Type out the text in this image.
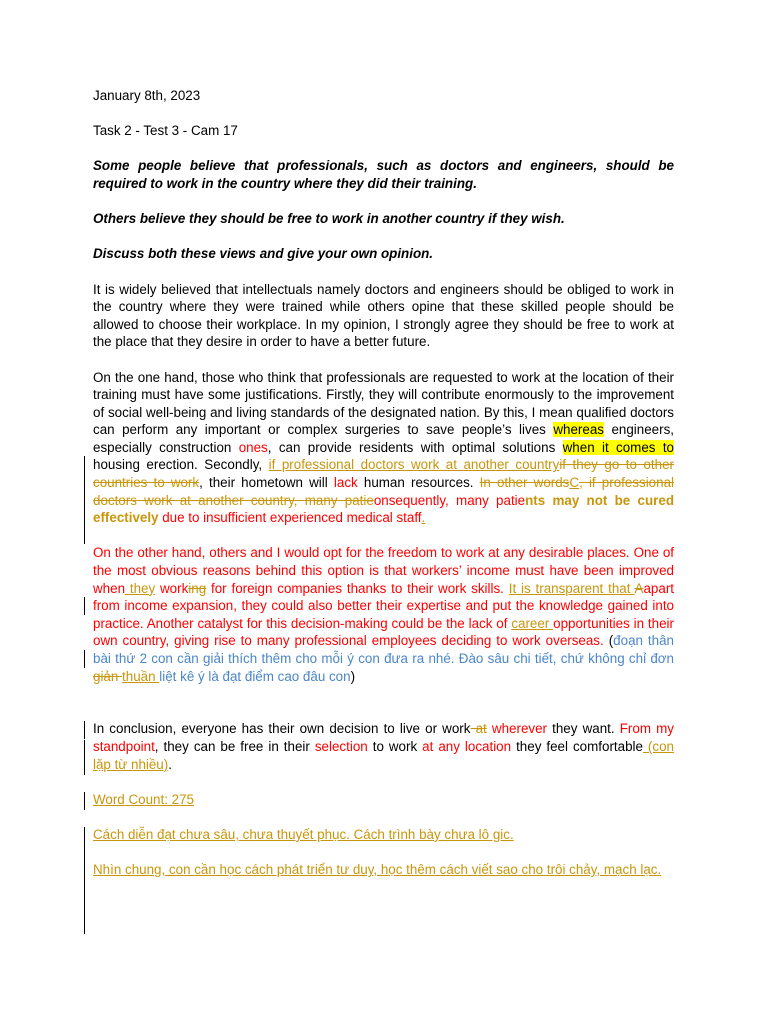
January 8th, 2023

Task 2 - Test 3 - Cam 17

Some people believe that professionals, such as doctors and engineers, should be required to work in the country where they did their training.

Others believe they should be free to work in another country if they wish.

Discuss both these views and give your own opinion.

It is widely believed that intellectuals namely doctors and engineers should be obliged to work in the country where they were trained while others opine that these skilled people should be allowed to choose their workplace. In my opinion, I strongly agree they should be free to work at the place that they desire in order to have a better future.

On the one hand, those who think that professionals are requested to work at the location of their training must have some justifications. Firstly, they will contribute enormously to the improvement of social well-being and living standards of the designated nation. By this, I mean qualified doctors can perform any important or complex surgeries to save people’s lives whereas engineers, especially construction ones, can provide residents with optimal solutions when it comes to housing erection. Secondly, if professional doctors work at another countryif they go to other countries to work, their hometown will lack human resources. In other wordsC, if professional doctors work at another country, many patieonsequently, many patients may not be cured effectively due to insufficient experienced medical staff.

On the other hand, others and I would opt for the freedom to work at any desirable places. One of the most obvious reasons behind this option is that workers’ income must have been improved when they working for foreign companies thanks to their work skills. It is transparent that Aapart from income expansion, they could also better their expertise and put the knowledge gained into practice. Another catalyst for this decision-making could be the lack of career opportunities in their own country, giving rise to many professional employees deciding to work overseas. (đoạn thân bài thứ 2 con cần giải thích thêm cho mỗi ý con đưa ra nhé. Đào sâu chi tiết, chứ không chỉ đơn giản thuần liệt kê ý là đạt điểm cao đâu con)

In conclusion, everyone has their own decision to live or work at wherever they want. From my standpoint, they can be free in their selection to work at any location they feel comfortable (con lặp từ nhiều).

Word Count: 275

Cách diễn đạt chưa sâu, chưa thuyết phục. Cách trình bày chưa lô gic.

Nhìn chung, con cần học cách phát triển tư duy, học thêm cách viết sao cho trôi chảy, mạch lạc.
